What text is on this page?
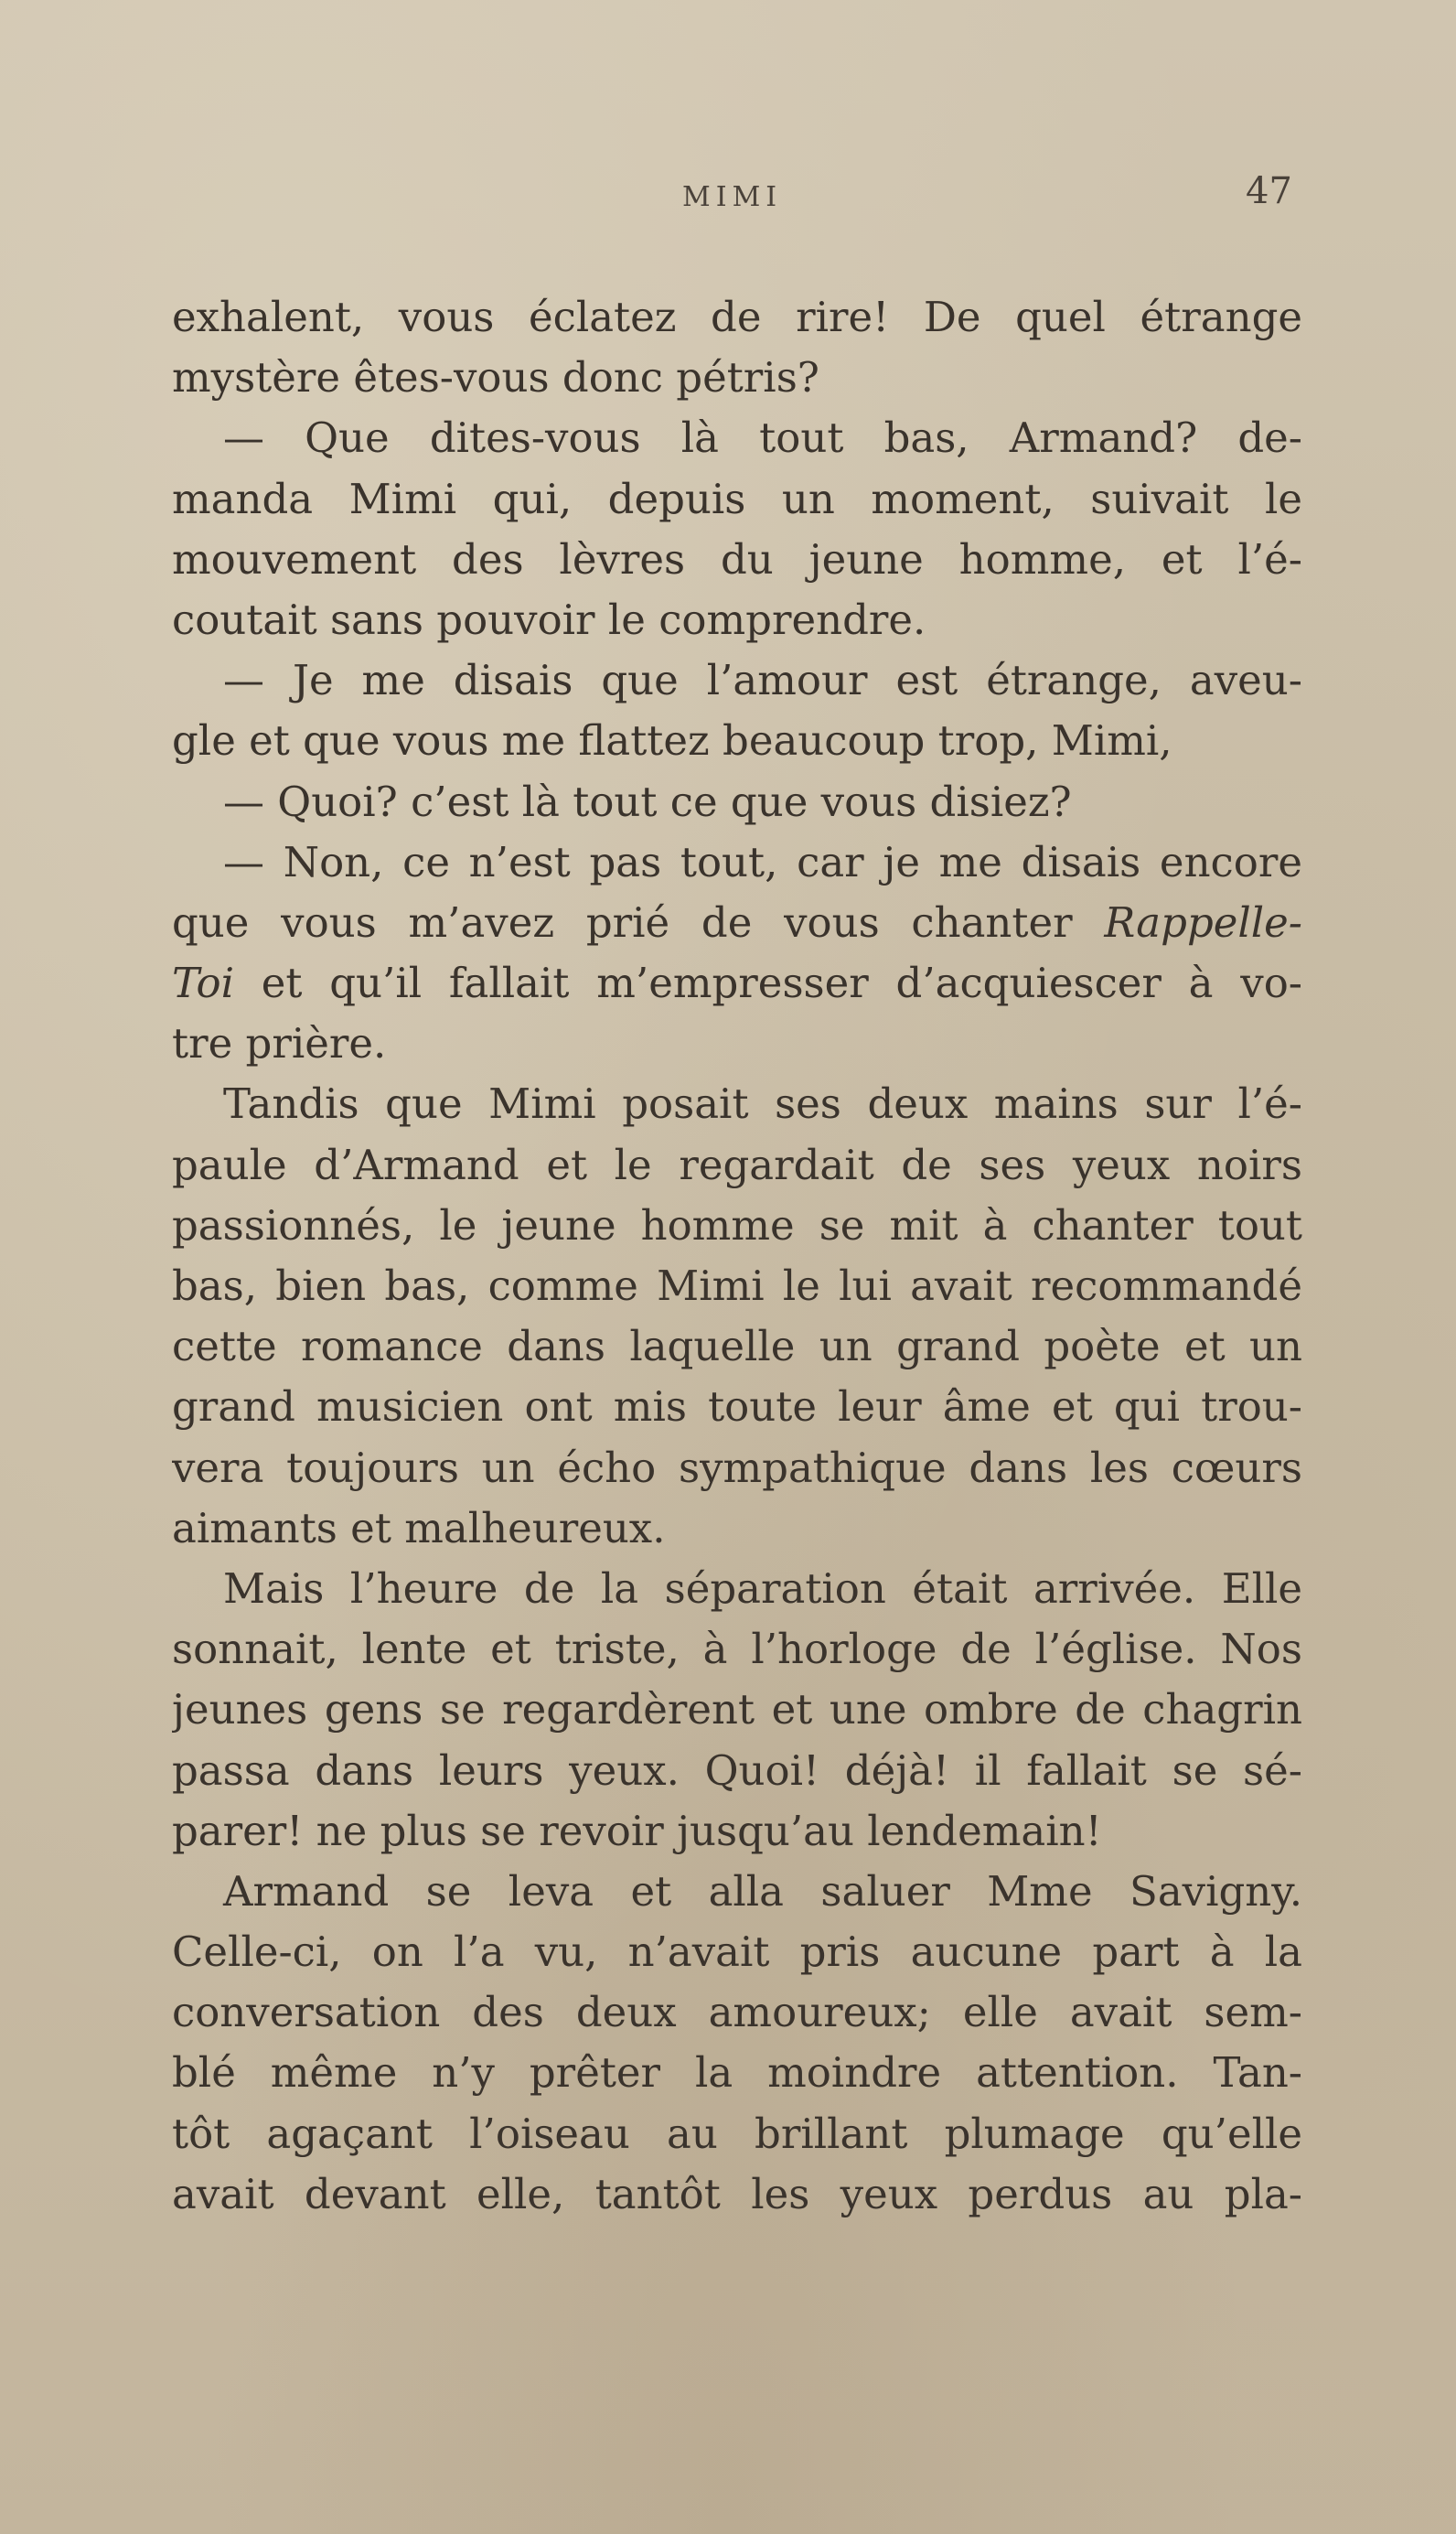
MIMI	47
exhalent, vous éclatez de rire! De quel étrange
mystère êtes-vous donc pétris?
— Que dites-vous là tout bas, Armand? de-
manda Mimi qui, depuis un moment, suivait le
mouvement des lèvres du jeune homme, et l’é-
coutait sans pouvoir le comprendre.
— Je me disais que l’amour est étrange, aveu-
gle et que vous me flattez beaucoup trop, Mimi,
— Quoi? c’est là tout ce que vous disiez?
— Non, ce n’est pas tout, car je me disais encore
que vous m’avez prié de vous chanter Rappelle-
Toi et qu’il fallait m’empresser d’acquiescer à vo-
tre prière.
Tandis que Mimi posait ses deux mains sur l’é-
paule d’Armand et le regardait de ses yeux noirs
passionnés, le jeune homme se mit à chanter tout
bas, bien bas, comme Mimi le lui avait recommandé
cette romance dans laquelle un grand poète et un
grand musicien ont mis toute leur âme et qui trou-
vera toujours un écho sympathique dans les cœurs
aimants et malheureux.
Mais l’heure de la séparation était arrivée. Elle
sonnait, lente et triste, à l’horloge de l’église. Nos
jeunes gens se regardèrent et une ombre de chagrin
passa dans leurs yeux. Quoi! déjà! il fallait se sé-
parer! ne plus se revoir jusqu’au lendemain!
Armand se leva et alla saluer Mme Savigny.
Celle-ci, on l’a vu, n’avait pris aucune part à la
conversation des deux amoureux; elle avait sem-
blé même n’y prêter la moindre attention. Tan-
tôt agaçant l’oiseau au brillant plumage qu’elle
avait devant elle, tantôt les yeux perdus au pla-
